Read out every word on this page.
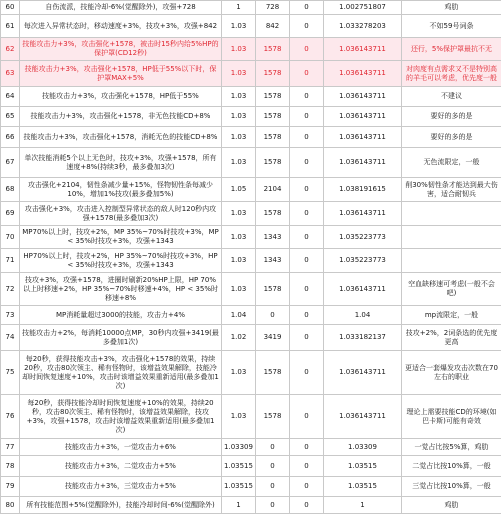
60	自伤流派，技能冷却-6%(觉醒除外)，攻强+728	1	728	0	1.002751807	鸡肋
61	每次进入异常状态时，移动速度+3%，技攻+3%，攻强+842	1.03	842	0	1.033278203	不如59号词条
62	技能攻击力+3%，攻击强化+1578，被击时15秒内给5%HP的保护罩(CD12秒)	1.03	1578	0	1.036143711	还行，5%保护罩最抗不无
63	技能攻击力+3%，攻击强化+1578，HP低于55%以下时，保护罩MAX+5%	1.03	1578	0	1.036143711	对肉度有点需求又不是特别高的羊毛可以考虑，优先度一般
64	技能攻击力+3%，攻击强化+1578，HP低于55%	1.03	1578	0	1.036143711	不建议
65	技能攻击力+3%，攻击强化+1578，非无色技能CD+8%	1.03	1578	0	1.036143711	要好的多的是
66	技能攻击力+3%，攻击强化+1578，消耗无色的技能CD+8%	1.03	1578	0	1.036143711	要好的多的是
67	单次技能消耗5个以上无色时，技攻+3%，攻强+1578，所有速度+8%(持续3秒，最多叠加3次)	1.03	1578	0	1.036143711	无色流限定，一般
68	攻击强化+2104，韧性条减少量+15%，怪物韧性条每减少10%，增加1%技攻(最多叠加5%)	1.05	2104	0	1.038191615	削30%韧性条才能达到最大伤害，适合耐韧兵
69	攻击强化+3%，攻击进入控制型异常状态的敌人时120秒内攻强+1578(最多叠加3次)	1.03	1578	0	1.036143711	
70	MP70%以上时，技攻+2%，MP 35%~70%时技攻+3%，MP < 35%时技攻+3%，攻强+1343	1.03	1343	0	1.035223773	
71	HP70%以上时，技攻+2%，HP 35%~70%时技攻+3%，HP < 35%时技攻+3%，攻强+1343	1.03	1343	0	1.035223773	
72	技攻+3%，攻强+1578，进圈时刷新20%HP上限，HP 70%以上时移速+2%，HP 35%~70%时移速+4%，HP < 35%时移速+8%	1.03	1578	0	1.036143711	空血缺移速可考虑(一般不会吧)
73	MP消耗量超过3000的技能，攻击力+4%	1.04	0	0	1.04	mp流限定，一般
74	技能攻击力+2%，每消耗10000点MP，30秒内攻强+3419(最多叠加1次)	1.02	3419	0	1.033182137	技攻+2%，2词条选的优先度更高
75	每20秒，获得技能攻击+3%，攻击强化+1578的效果，持续20秒，攻击80次领主、稀有怪物时，该增益效果解除，技能冷却时间恢复速度+10%，攻击时该增益效果重新适用(最多叠加1次)	1.03	1578	0	1.036143711	更适合一套爆发攻击次数在70左右的职业
76	每20秒，获得技能冷却时间恢复速度+10%的效果，持续20秒，攻击80次领主、稀有怪物时，该增益效果解除，技攻+3%，攻强+1578，攻击时该增益效果重新适用(最多叠加1次)	1.03	1578	0	1.036143711	理论上需要技能CD的环境(如巴卡斯)可能有奇效
77	技能攻击力+3%，一觉攻击力+6%	1.03309	0	0	1.03309	一觉占比按5%算，鸡肋
78	技能攻击力+3%，二觉攻击力+5%	1.03515	0	0	1.03515	二觉占比按10%算，一般
79	技能攻击力+3%，三觉攻击力+5%	1.03515	0	0	1.03515	三觉占比按10%算，一般
80	所有技能范围+5%(觉醒除外)，技能冷却时间-6%(觉醒除外)	1	0	0	1	鸡肋
